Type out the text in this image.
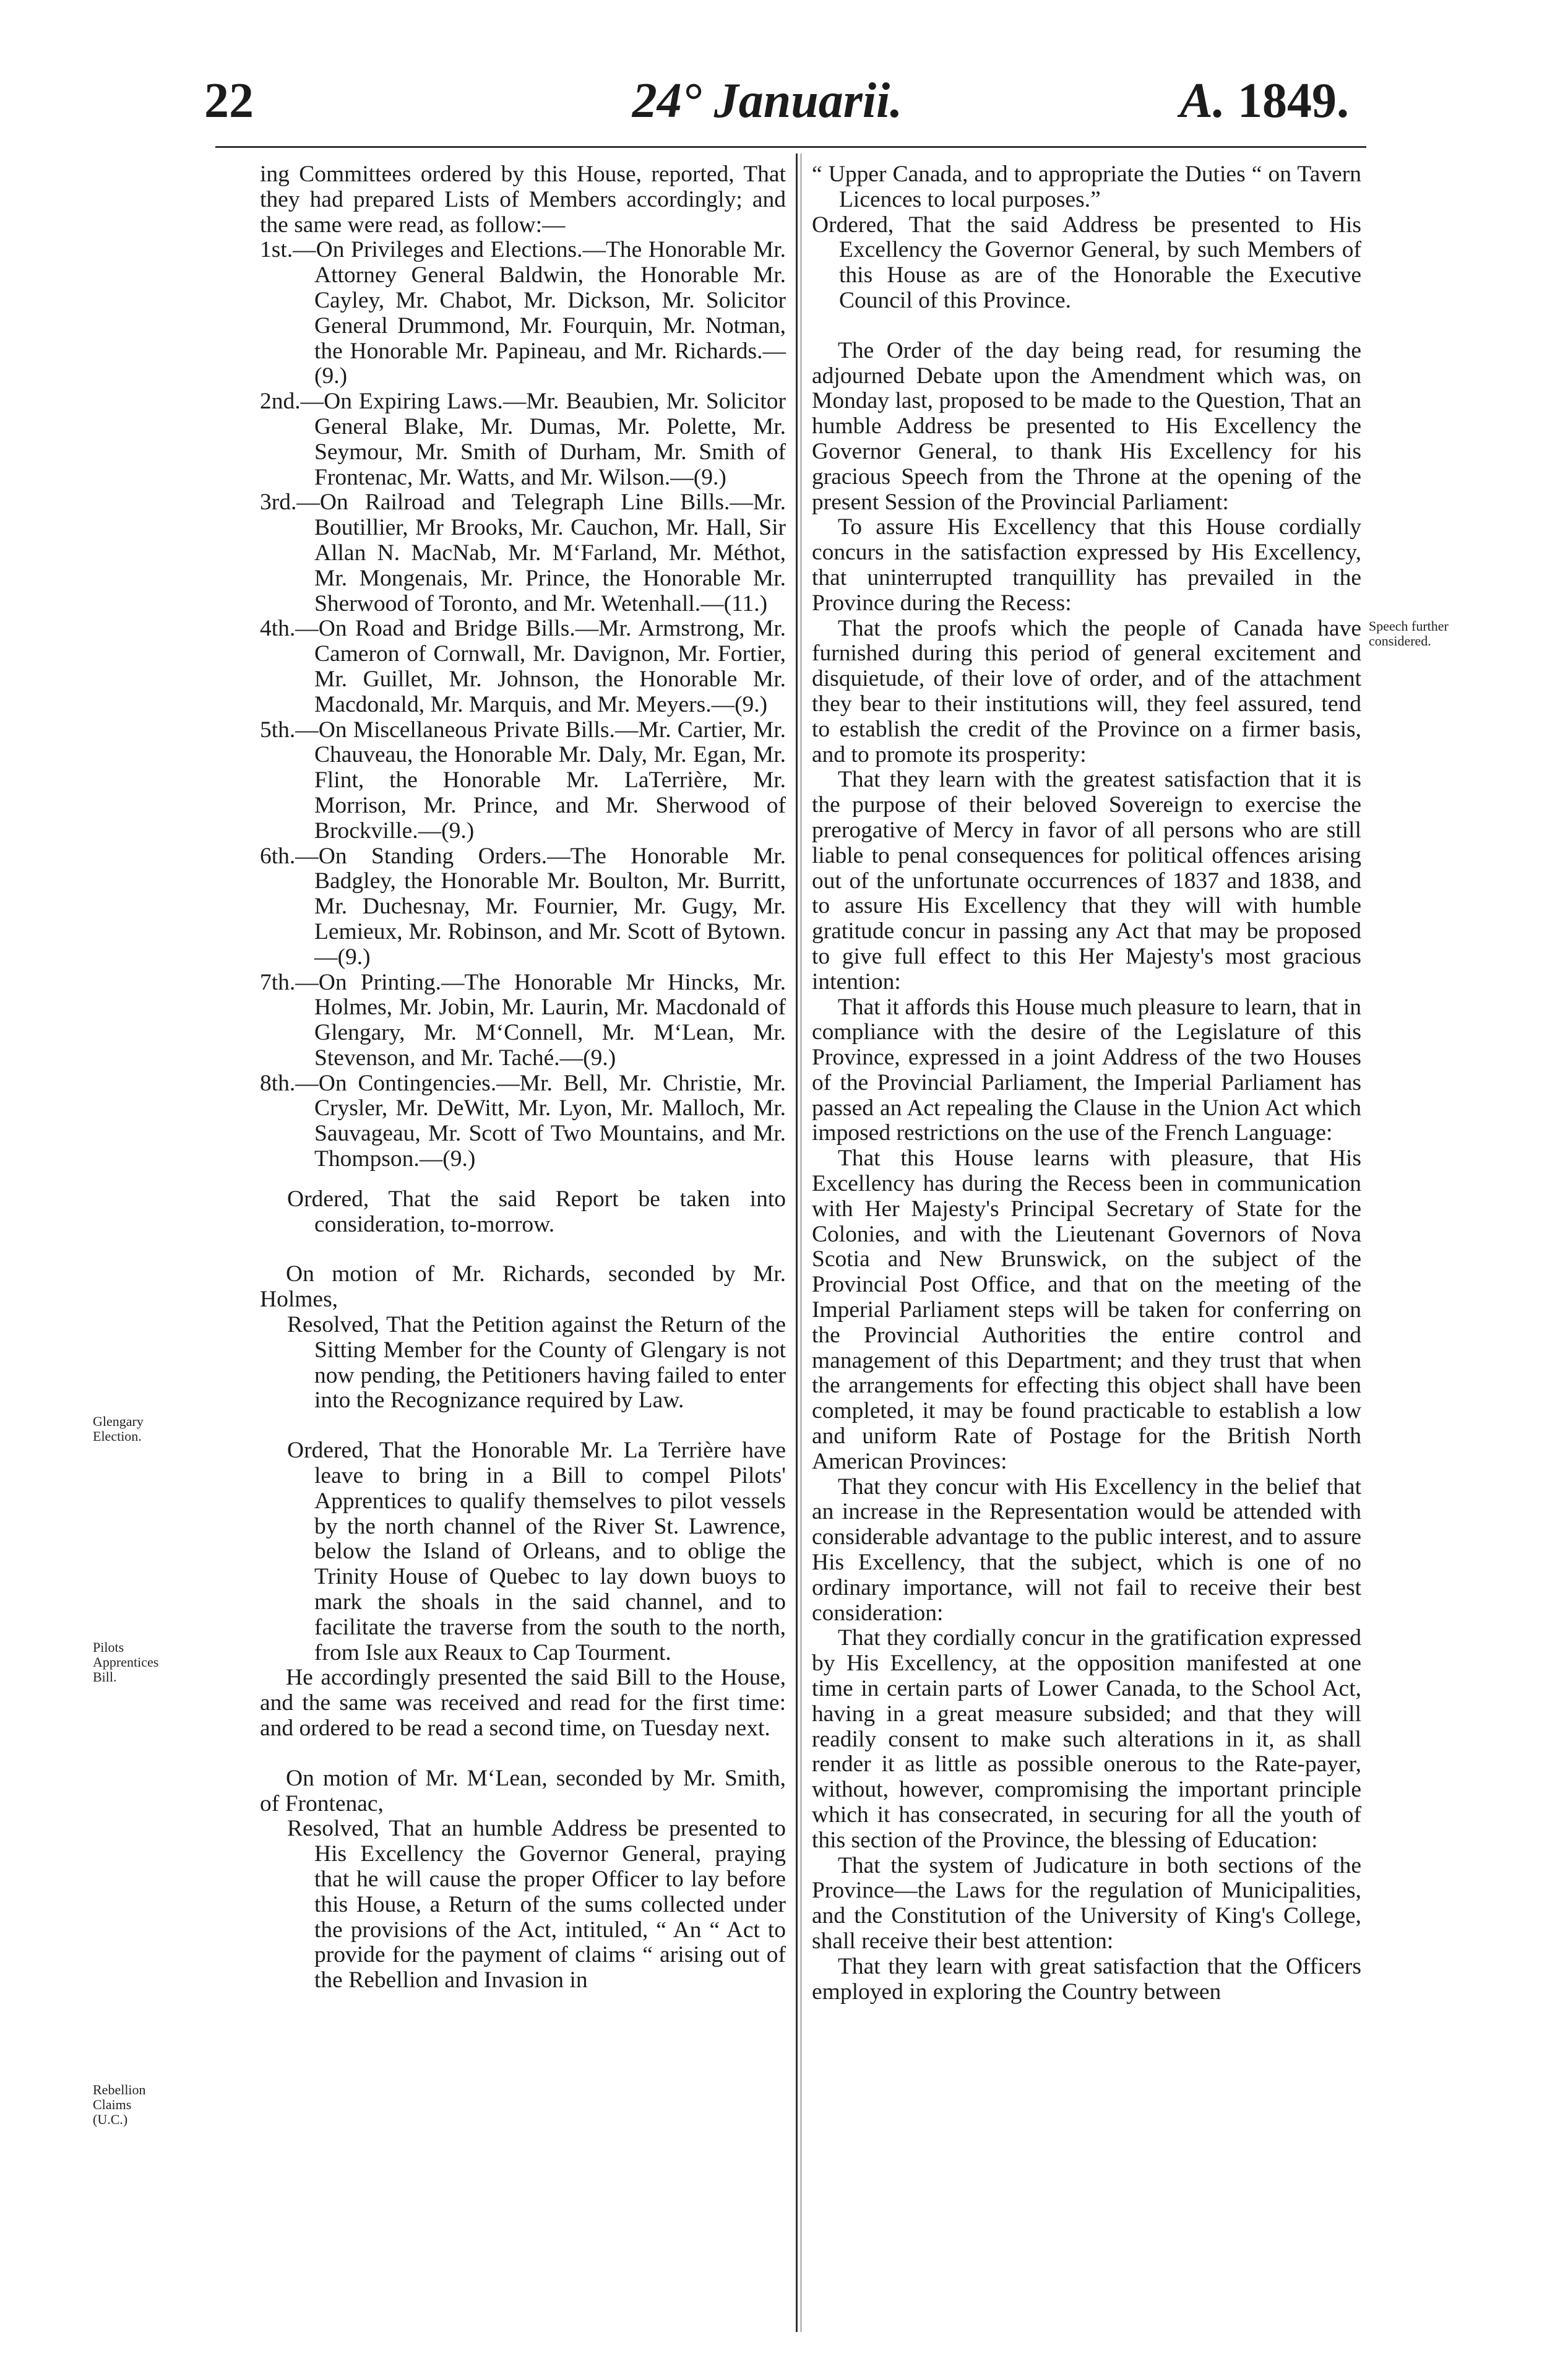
22	24° Januarii.	A. 1849.
Speech further considered.
Glengary Election.
Pilots Apprentices Bill.
Rebellion Claims (U.C.)

ing Committees ordered by this House, reported, That they had prepared Lists of Members accordingly; and the same were read, as follow:—

1st.—On Privileges and Elections.—The Honorable Mr. Attorney General Baldwin, the Honorable Mr. Cayley, Mr. Chabot, Mr. Dickson, Mr. Solicitor General Drummond, Mr. Fourquin, Mr. Notman, the Honorable Mr. Papineau, and Mr. Richards.—(9.)

2nd.—On Expiring Laws.—Mr. Beaubien, Mr. Solicitor General Blake, Mr. Dumas, Mr. Polette, Mr. Seymour, Mr. Smith of Durham, Mr. Smith of Frontenac, Mr. Watts, and Mr. Wilson.—(9.)

3rd.—On Railroad and Telegraph Line Bills.—Mr. Boutillier, Mr Brooks, Mr. Cauchon, Mr. Hall, Sir Allan N. MacNab, Mr. M‘Farland, Mr. Méthot, Mr. Mongenais, Mr. Prince, the Honorable Mr. Sherwood of Toronto, and Mr. Wetenhall.—(11.)

4th.—On Road and Bridge Bills.—Mr. Armstrong, Mr. Cameron of Cornwall, Mr. Davignon, Mr. Fortier, Mr. Guillet, Mr. Johnson, the Honorable Mr. Macdonald, Mr. Marquis, and Mr. Meyers.—(9.)

5th.—On Miscellaneous Private Bills.—Mr. Cartier, Mr. Chauveau, the Honorable Mr. Daly, Mr. Egan, Mr. Flint, the Honorable Mr. LaTerrière, Mr. Morrison, Mr. Prince, and Mr. Sherwood of Brockville.—(9.)

6th.—On Standing Orders.—The Honorable Mr. Badgley, the Honorable Mr. Boulton, Mr. Burritt, Mr. Duchesnay, Mr. Fournier, Mr. Gugy, Mr. Lemieux, Mr. Robinson, and Mr. Scott of Bytown.—(9.)

7th.—On Printing.—The Honorable Mr Hincks, Mr. Holmes, Mr. Jobin, Mr. Laurin, Mr. Macdonald of Glengary, Mr. M‘Connell, Mr. M‘Lean, Mr. Stevenson, and Mr. Taché.—(9.)

8th.—On Contingencies.—Mr. Bell, Mr. Christie, Mr. Crysler, Mr. DeWitt, Mr. Lyon, Mr. Malloch, Mr. Sauvageau, Mr. Scott of Two Mountains, and Mr. Thompson.—(9.)

Ordered, That the said Report be taken into consideration, to-morrow.

On motion of Mr. Richards, seconded by Mr. Holmes,

Resolved, That the Petition against the Return of the Sitting Member for the County of Glengary is not now pending, the Petitioners having failed to enter into the Recognizance required by Law.

Ordered, That the Honorable Mr. La Terrière have leave to bring in a Bill to compel Pilots' Apprentices to qualify themselves to pilot vessels by the north channel of the River St. Lawrence, below the Island of Orleans, and to oblige the Trinity House of Quebec to lay down buoys to mark the shoals in the said channel, and to facilitate the traverse from the south to the north, from Isle aux Reaux to Cap Tourment.

He accordingly presented the said Bill to the House, and the same was received and read for the first time: and ordered to be read a second time, on Tuesday next.

On motion of Mr. M‘Lean, seconded by Mr. Smith, of Frontenac,

Resolved, That an humble Address be presented to His Excellency the Governor General, praying that he will cause the proper Officer to lay before this House, a Return of the sums collected under the provisions of the Act, intituled, “ An “ Act to provide for the payment of claims “ arising out of the Rebellion and Invasion in

“ Upper Canada, and to appropriate the Duties “ on Tavern Licences to local purposes.”

Ordered, That the said Address be presented to His Excellency the Governor General, by such Members of this House as are of the Honorable the Executive Council of this Province.

The Order of the day being read, for resuming the adjourned Debate upon the Amendment which was, on Monday last, proposed to be made to the Question, That an humble Address be presented to His Excellency the Governor General, to thank His Excellency for his gracious Speech from the Throne at the opening of the present Session of the Provincial Parliament:

To assure His Excellency that this House cordially concurs in the satisfaction expressed by His Excellency, that uninterrupted tranquillity has prevailed in the Province during the Recess:

That the proofs which the people of Canada have furnished during this period of general excitement and disquietude, of their love of order, and of the attachment they bear to their institutions will, they feel assured, tend to establish the credit of the Province on a firmer basis, and to promote its prosperity:

That they learn with the greatest satisfaction that it is the purpose of their beloved Sovereign to exercise the prerogative of Mercy in favor of all persons who are still liable to penal consequences for political offences arising out of the unfortunate occurrences of 1837 and 1838, and to assure His Excellency that they will with humble gratitude concur in passing any Act that may be proposed to give full effect to this Her Majesty's most gracious intention:

That it affords this House much pleasure to learn, that in compliance with the desire of the Legislature of this Province, expressed in a joint Address of the two Houses of the Provincial Parliament, the Imperial Parliament has passed an Act repealing the Clause in the Union Act which imposed restrictions on the use of the French Language:

That this House learns with pleasure, that His Excellency has during the Recess been in communication with Her Majesty's Principal Secretary of State for the Colonies, and with the Lieutenant Governors of Nova Scotia and New Brunswick, on the subject of the Provincial Post Office, and that on the meeting of the Imperial Parliament steps will be taken for conferring on the Provincial Authorities the entire control and management of this Department; and they trust that when the arrangements for effecting this object shall have been completed, it may be found practicable to establish a low and uniform Rate of Postage for the British North American Provinces:

That they concur with His Excellency in the belief that an increase in the Representation would be attended with considerable advantage to the public interest, and to assure His Excellency, that the subject, which is one of no ordinary importance, will not fail to receive their best consideration:

That they cordially concur in the gratification expressed by His Excellency, at the opposition manifested at one time in certain parts of Lower Canada, to the School Act, having in a great measure subsided; and that they will readily consent to make such alterations in it, as shall render it as little as possible onerous to the Rate-payer, without, however, compromising the important principle which it has consecrated, in securing for all the youth of this section of the Province, the blessing of Education:

That the system of Judicature in both sections of the Province—the Laws for the regulation of Municipalities, and the Constitution of the University of King's College, shall receive their best attention:

That they learn with great satisfaction that the Officers employed in exploring the Country between
